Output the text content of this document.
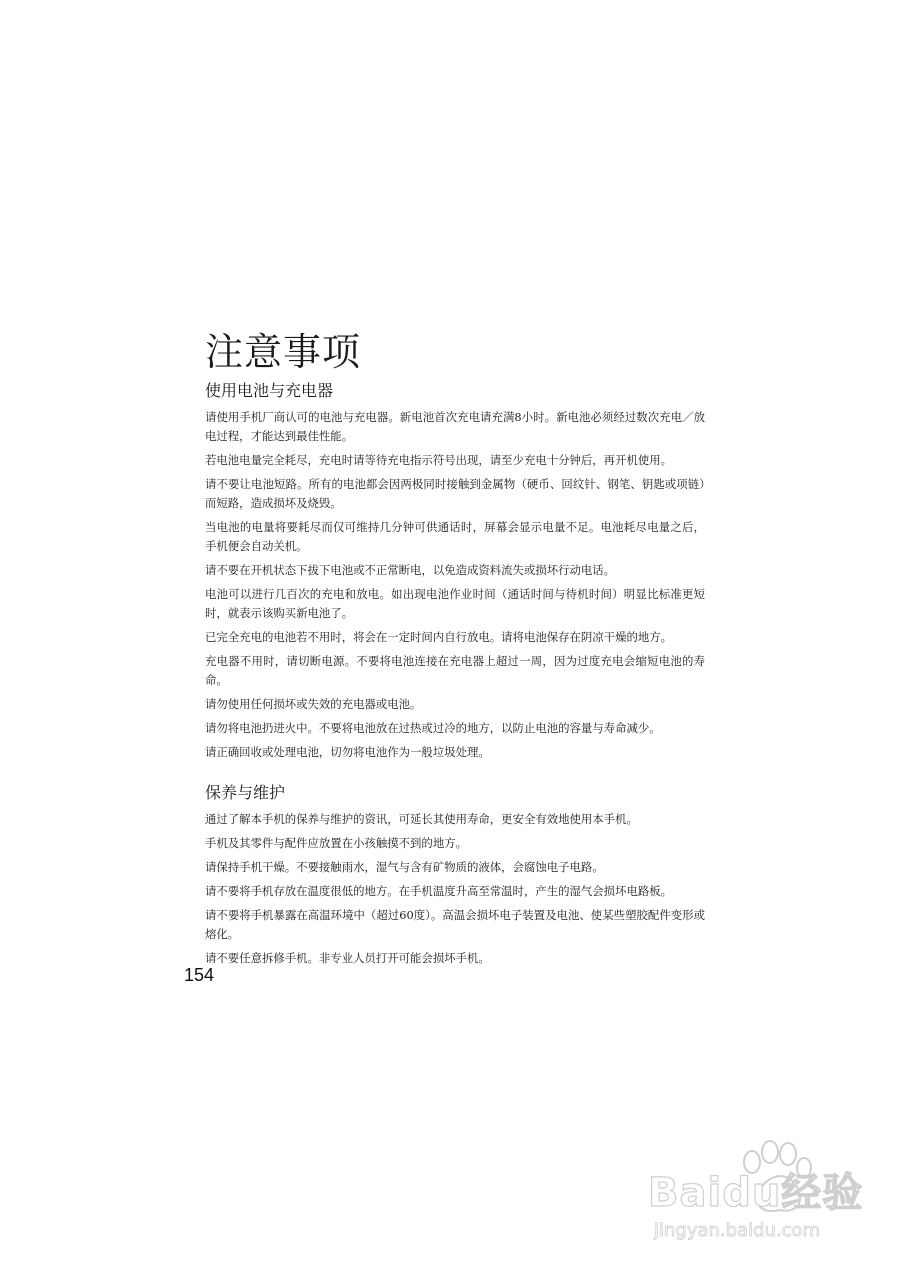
注意事项
使用电池与充电器

请使用手机厂商认可的电池与充电器。新电池首次充电请充满8小时。新电池必须经过数次充电／放电过程，才能达到最佳性能。

若电池电量完全耗尽，充电时请等待充电指示符号出现，请至少充电十分钟后，再开机使用。

请不要让电池短路。所有的电池都会因两极同时接触到金属物（硬币、回纹针、钢笔、钥匙或项链）而短路，造成损坏及烧毁。

当电池的电量将要耗尽而仅可维持几分钟可供通话时，屏幕会显示电量不足。电池耗尽电量之后，手机便会自动关机。

请不要在开机状态下拔下电池或不正常断电，以免造成资料流失或损坏行动电话。

电池可以进行几百次的充电和放电。如出现电池作业时间（通话时间与待机时间）明显比标准更短时，就表示该购买新电池了。

已完全充电的电池若不用时，将会在一定时间内自行放电。请将电池保存在阴凉干燥的地方。

充电器不用时，请切断电源。不要将电池连接在充电器上超过一周，因为过度充电会缩短电池的寿命。

请勿使用任何损坏或失效的充电器或电池。

请勿将电池扔进火中。不要将电池放在过热或过冷的地方，以防止电池的容量与寿命减少。

请正确回收或处理电池，切勿将电池作为一般垃圾处理。

保养与维护

通过了解本手机的保养与维护的资讯，可延长其使用寿命，更安全有效地使用本手机。

手机及其零件与配件应放置在小孩触摸不到的地方。

请保持手机干燥。不要接触雨水，湿气与含有矿物质的液体，会腐蚀电子电路。

请不要将手机存放在温度很低的地方。在手机温度升高至常温时，产生的湿气会损坏电路板。

请不要将手机暴露在高温环境中（超过60度）。高温会损坏电子装置及电池、使某些塑胶配件变形或熔化。

请不要任意拆修手机。非专业人员打开可能会损坏手机。

154
Baidu经验
jingyan.baidu.com
